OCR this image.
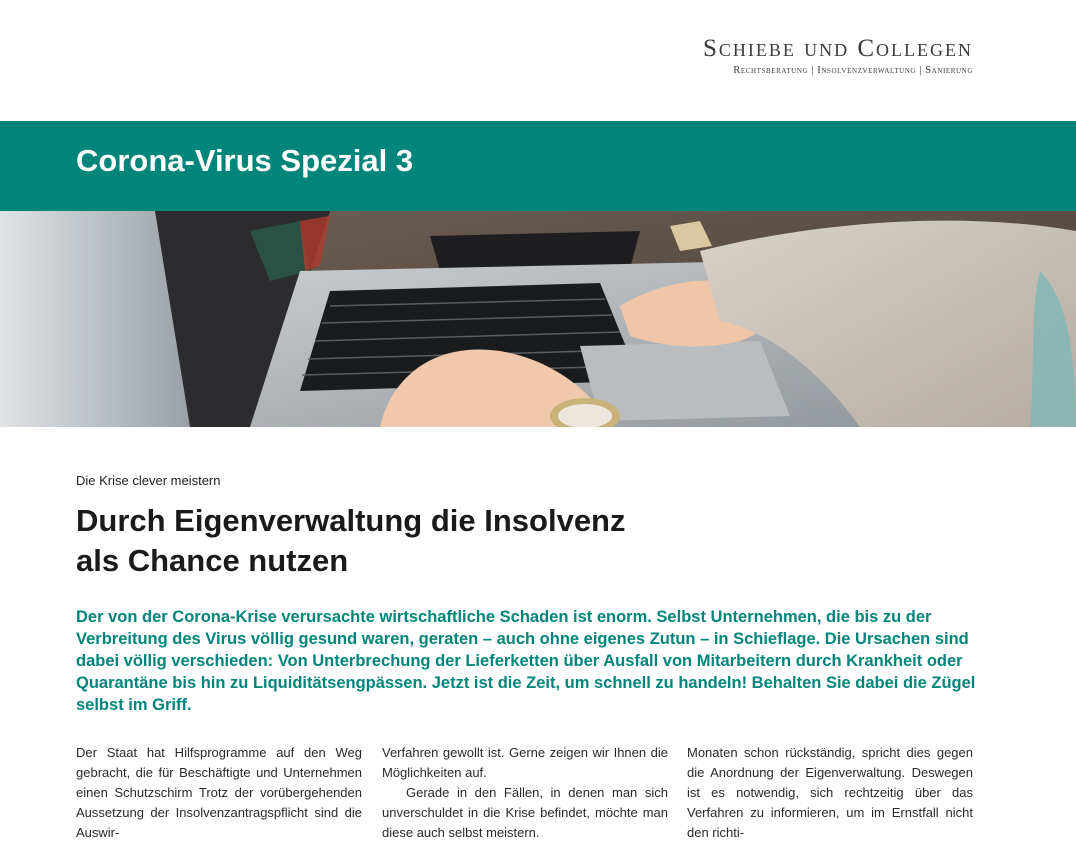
Schiebe und Collegen
Rechtsberatung | Insolvenzverwaltung | Sanierung
Corona-Virus Spezial 3
Die Krise clever meistern
Durch Eigenverwaltung die Insolvenz
als Chance nutzen

Der von der Corona-Krise verursachte wirtschaftliche Schaden ist enorm. Selbst Unternehmen, die bis zu der Verbreitung des Virus völlig gesund waren, geraten – auch ohne eigenes Zutun – in Schieflage. Die Ursachen sind dabei völlig verschieden: Von Unterbrechung der Lieferketten über Ausfall von Mitarbeitern durch Krankheit oder Quarantäne bis hin zu Liquiditätsengpässen. Jetzt ist die Zeit, um schnell zu handeln! Behalten Sie dabei die Zügel selbst im Griff.

Der Staat hat Hilfsprogramme auf den Weg gebracht, die für Beschäftigte und Unternehmen einen Schutzschirm Trotz der vorübergehenden Aussetzung der Insolvenzantragspflicht sind die Auswir-

Verfahren gewollt ist. Gerne zeigen wir Ihnen die Möglichkeiten auf.

Gerade in den Fällen, in denen man sich unverschuldet in die Krise befindet, möchte man diese auch selbst meistern.

Monaten schon rückständig, spricht dies gegen die Anordnung der Eigenverwaltung. Deswegen ist es notwendig, sich rechtzeitig über das Verfahren zu informieren, um im Ernstfall nicht den richti-
